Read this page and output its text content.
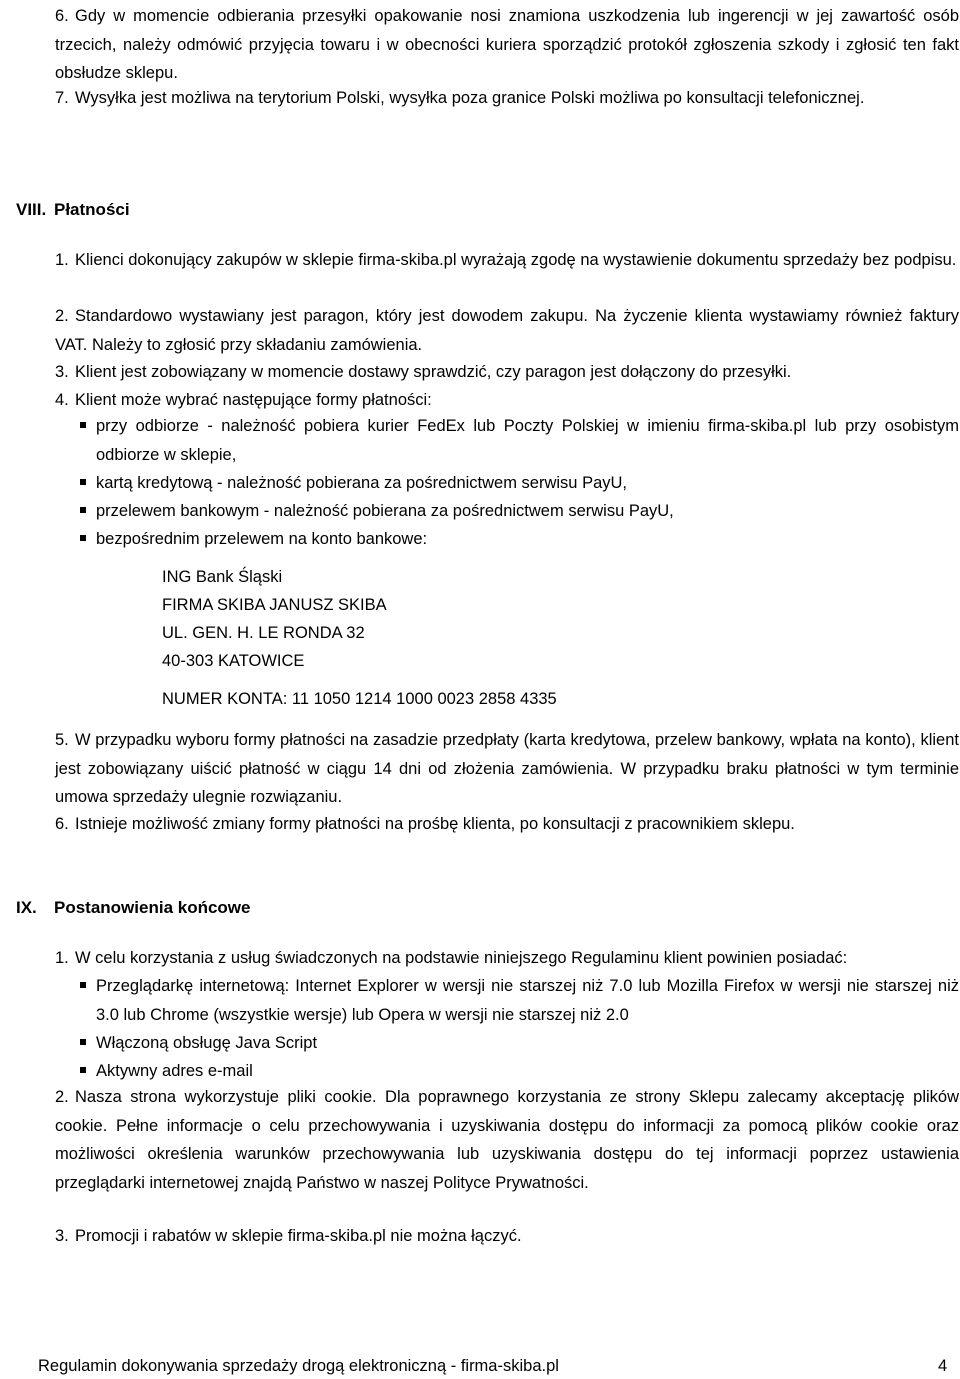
6. Gdy w momencie odbierania przesyłki opakowanie nosi znamiona uszkodzenia lub ingerencji w jej zawartość osób trzecich, należy odmówić przyjęcia towaru i w obecności kuriera sporządzić protokół zgłoszenia szkody i zgłosić ten fakt obsłudze sklepu.
7. Wysyłka jest możliwa na terytorium Polski, wysyłka poza granice Polski możliwa po konsultacji telefonicznej.
VIII. Płatności
1. Klienci dokonujący zakupów w sklepie firma-skiba.pl wyrażają zgodę na wystawienie dokumentu sprzedaży bez podpisu.
2. Standardowo wystawiany jest paragon, który jest dowodem zakupu. Na życzenie klienta wystawiamy również faktury VAT. Należy to zgłosić przy składaniu zamówienia.
3. Klient jest zobowiązany w momencie dostawy sprawdzić, czy paragon jest dołączony do przesyłki.
4. Klient może wybrać następujące formy płatności:
przy odbiorze - należność pobiera kurier FedEx lub Poczty Polskiej w imieniu firma-skiba.pl lub przy osobistym odbiorze w sklepie,
kartą kredytową - należność pobierana za pośrednictwem serwisu PayU,
przelewem bankowym - należność pobierana za pośrednictwem serwisu PayU,
bezpośrednim przelewem na konto bankowe:
ING Bank Śląski
FIRMA SKIBA JANUSZ SKIBA
UL. GEN. H. LE RONDA 32
40-303 KATOWICE
NUMER KONTA: 11 1050 1214 1000 0023 2858 4335
5. W przypadku wyboru formy płatności na zasadzie przedpłaty (karta kredytowa, przelew bankowy, wpłata na konto), klient jest zobowiązany uiścić płatność w ciągu 14 dni od złożenia zamówienia. W przypadku braku płatności w tym terminie umowa sprzedaży ulegnie rozwiązaniu.
6. Istnieje możliwość zmiany formy płatności na prośbę klienta, po konsultacji z pracownikiem sklepu.
IX. Postanowienia końcowe
1. W celu korzystania z usług świadczonych na podstawie niniejszego Regulaminu klient powinien posiadać:
Przeglądarkę internetową: Internet Explorer w wersji nie starszej niż 7.0 lub Mozilla Firefox w wersji nie starszej niż 3.0 lub Chrome (wszystkie wersje) lub Opera w wersji nie starszej niż 2.0
Włączoną obsługę Java Script
Aktywny adres e-mail
2. Nasza strona wykorzystuje pliki cookie. Dla poprawnego korzystania ze strony Sklepu zalecamy akceptację plików cookie. Pełne informacje o celu przechowywania i uzyskiwania dostępu do informacji za pomocą plików cookie oraz możliwości określenia warunków przechowywania lub uzyskiwania dostępu do tej informacji poprzez ustawienia przeglądarki internetowej znajdą Państwo w naszej Polityce Prywatności.
3. Promocji i rabatów w sklepie firma-skiba.pl nie można łączyć.
Regulamin dokonywania sprzedaży drogą elektroniczną - firma-skiba.pl	4
